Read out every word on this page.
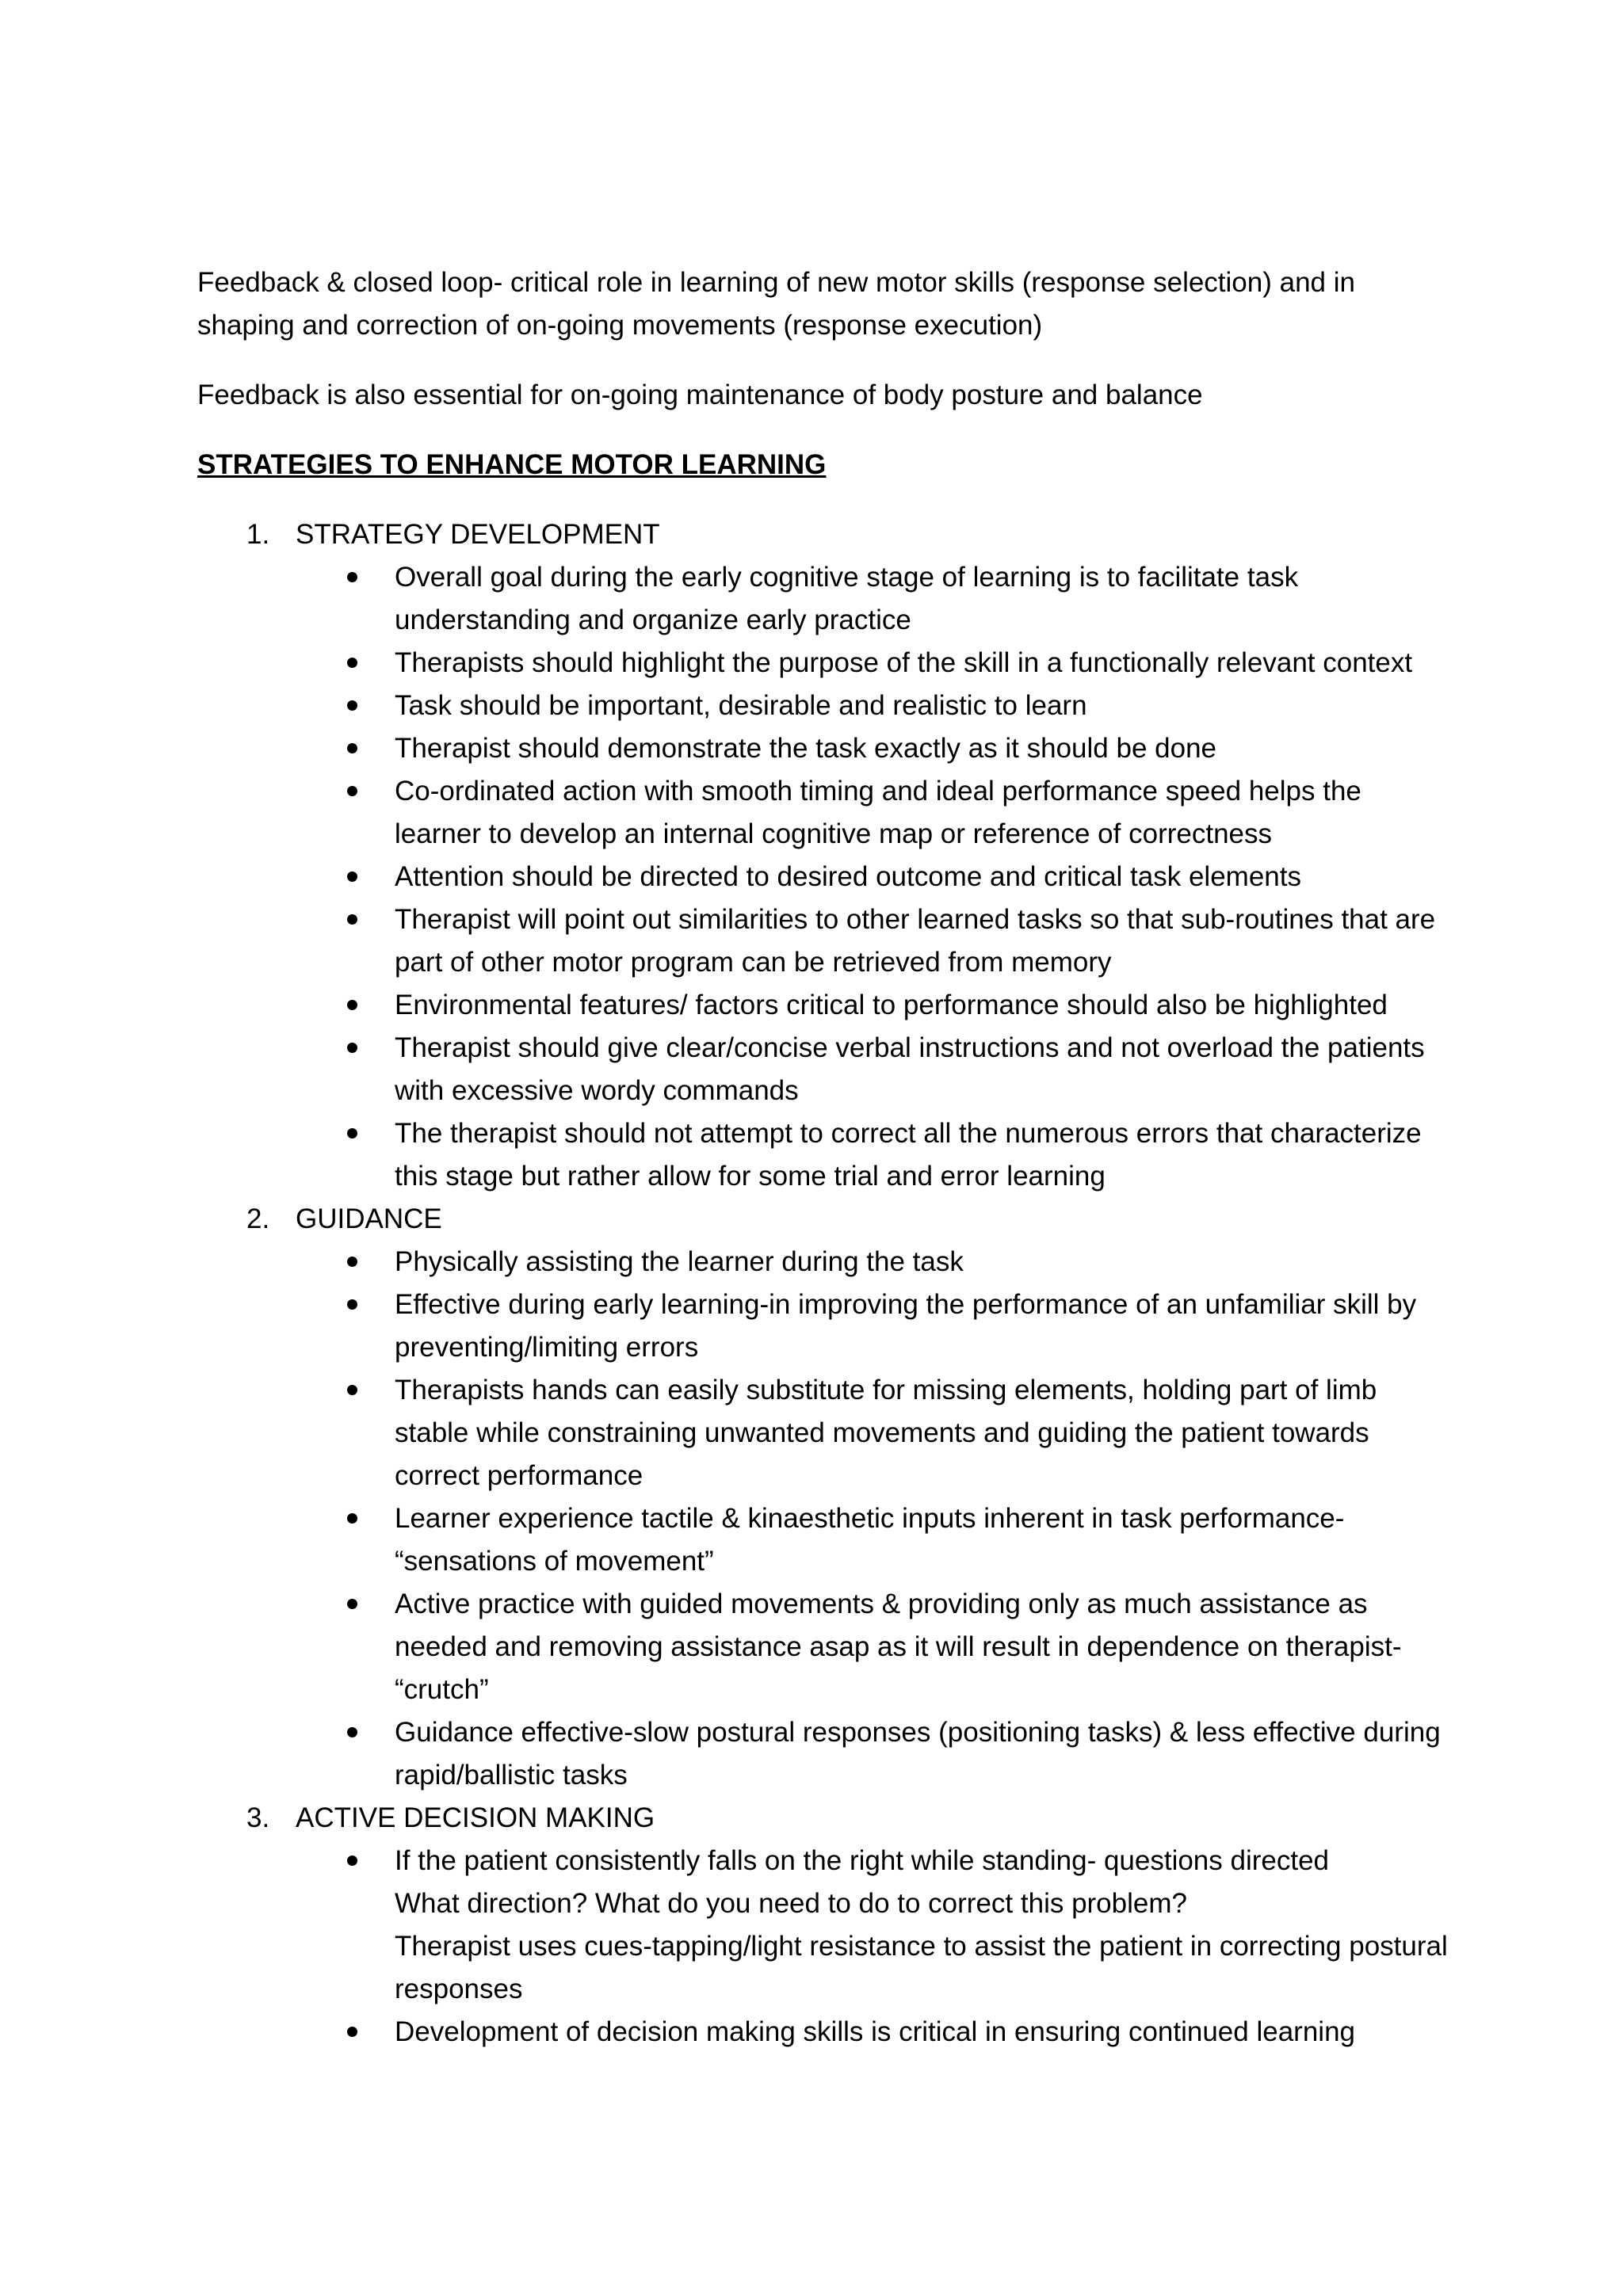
Feedback & closed loop- critical role in learning of new motor skills (response selection) and in shaping and correction of on-going movements (response execution)

Feedback is also essential for on-going maintenance of body posture and balance

STRATEGIES TO ENHANCE MOTOR LEARNING

1. STRATEGY DEVELOPMENT
Overall goal during the early cognitive stage of learning is to facilitate task understanding and organize early practice
Therapists should highlight the purpose of the skill in a functionally relevant context
Task should be important, desirable and realistic to learn
Therapist should demonstrate the task exactly as it should be done
Co-ordinated action with smooth timing and ideal performance speed helps the learner to develop an internal cognitive map or reference of correctness
Attention should be directed to desired outcome and critical task elements
Therapist will point out similarities to other learned tasks so that sub-routines that are part of other motor program can be retrieved from memory
Environmental features/ factors critical to performance should also be highlighted
Therapist should give clear/concise verbal instructions and not overload the patients with excessive wordy commands
The therapist should not attempt to correct all the numerous errors that characterize this stage but rather allow for some trial and error learning
2. GUIDANCE
Physically assisting the learner during the task
Effective during early learning-in improving the performance of an unfamiliar skill by preventing/limiting errors
Therapists hands can easily substitute for missing elements, holding part of limb stable while constraining unwanted movements and guiding the patient towards correct performance
Learner experience tactile & kinaesthetic inputs inherent in task performance- “sensations of movement”
Active practice with guided movements & providing only as much assistance as needed and removing assistance asap as it will result in dependence on therapist- “crutch”
Guidance effective-slow postural responses (positioning tasks) & less effective during rapid/ballistic tasks
3. ACTIVE DECISION MAKING
If the patient consistently falls on the right while standing- questions directed
What direction? What do you need to do to correct this problem?
Therapist uses cues-tapping/light resistance to assist the patient in correcting postural responses
Development of decision making skills is critical in ensuring continued learning
